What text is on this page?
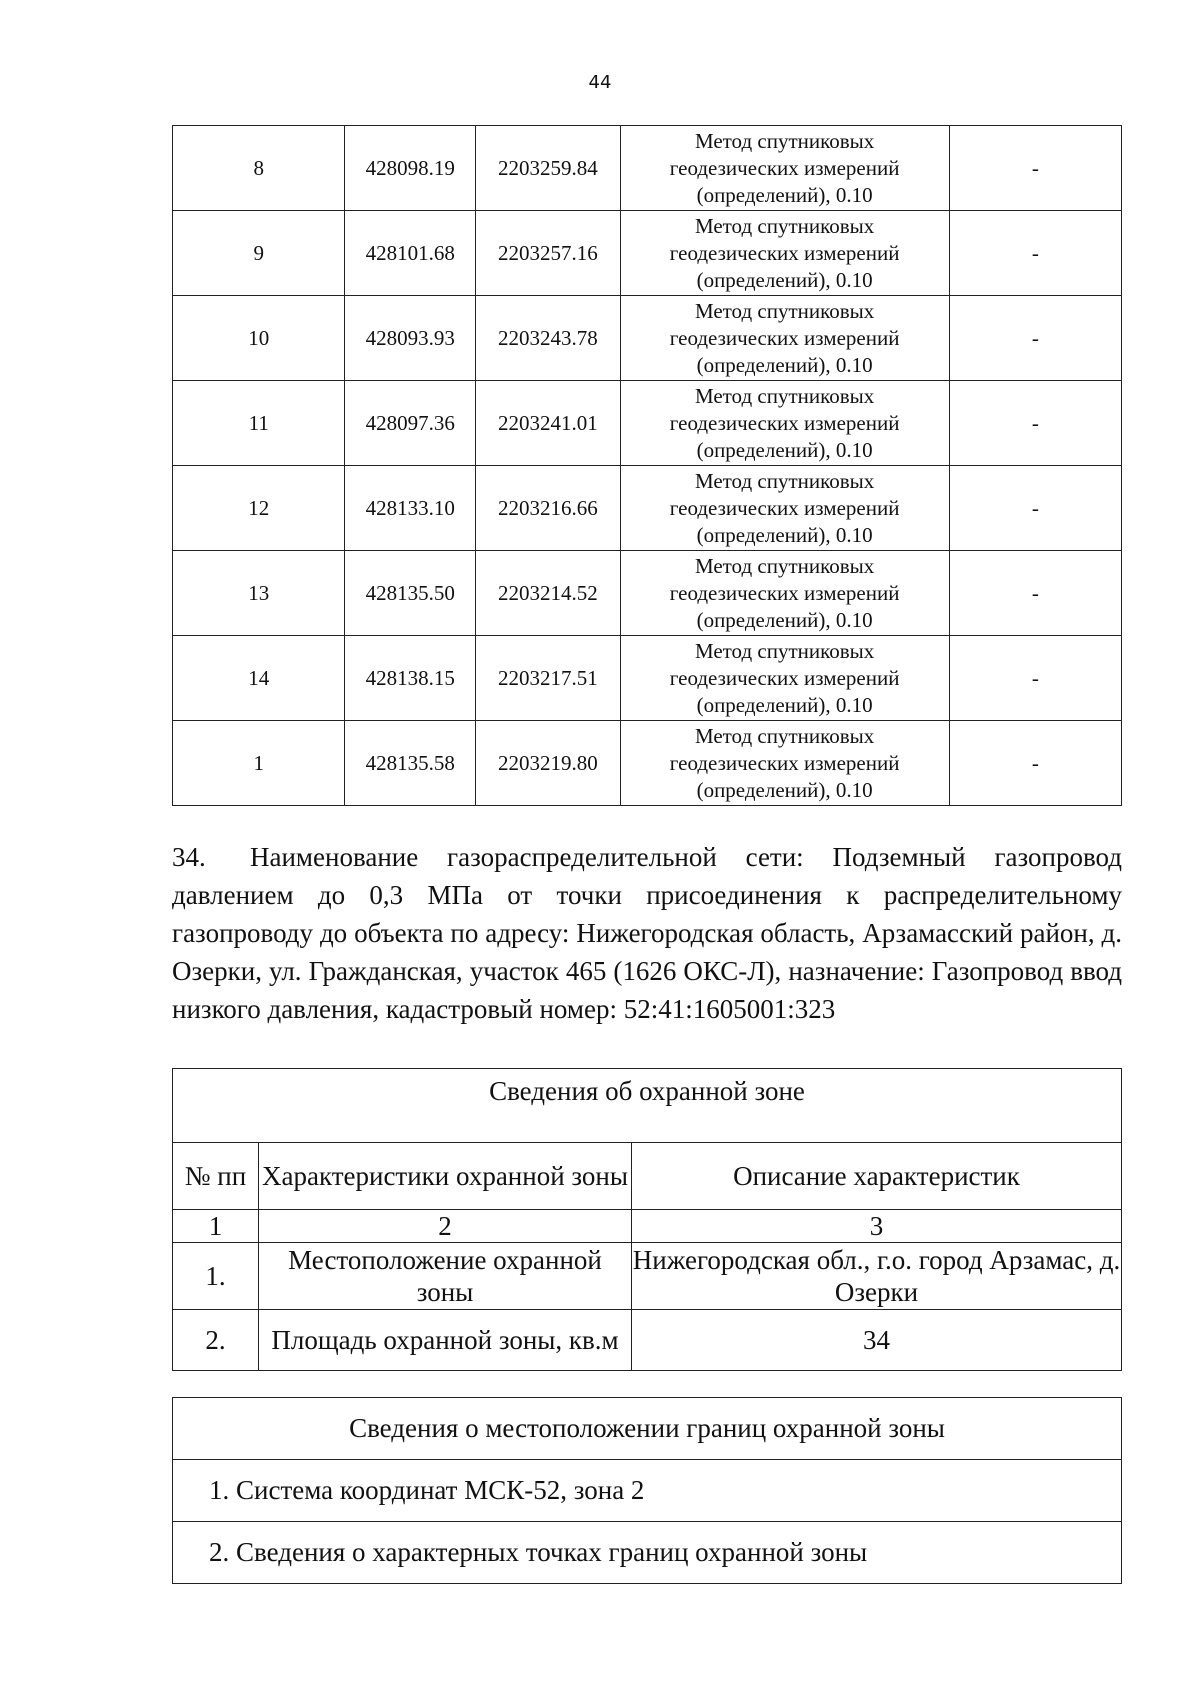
44
8	428098.19	2203259.84	Метод спутниковых
геодезических измерений
(определений), 0.10	-
9	428101.68	2203257.16	Метод спутниковых
геодезических измерений
(определений), 0.10	-
10	428093.93	2203243.78	Метод спутниковых
геодезических измерений
(определений), 0.10	-
11	428097.36	2203241.01	Метод спутниковых
геодезических измерений
(определений), 0.10	-
12	428133.10	2203216.66	Метод спутниковых
геодезических измерений
(определений), 0.10	-
13	428135.50	2203214.52	Метод спутниковых
геодезических измерений
(определений), 0.10	-
14	428138.15	2203217.51	Метод спутниковых
геодезических измерений
(определений), 0.10	-
1	428135.58	2203219.80	Метод спутниковых
геодезических измерений
(определений), 0.10	-

34. Наименование газораспределительной сети: Подземный газопровод давлением до 0,3 МПа от точки присоединения к распределительному газопроводу до объекта по адресу: Нижегородская область, Арзамасский район, д. Озерки, ул. Гражданская, участок 465 (1626 ОКС-Л), назначение: Газопровод ввод низкого давления, кадастровый номер: 52:41:1605001:323

Сведения об охранной зоне		
№ пп	Характеристики охранной зоны	Описание характеристик
1	2	3
1.	Местоположение охранной зоны	Нижегородская обл., г.о. город Арзамас, д. Озерки
2.	Площадь охранной зоны, кв.м	34
Сведения о местоположении границ охранной зоны
1. Система координат МСК-52, зона 2
2. Сведения о характерных точках границ охранной зоны
